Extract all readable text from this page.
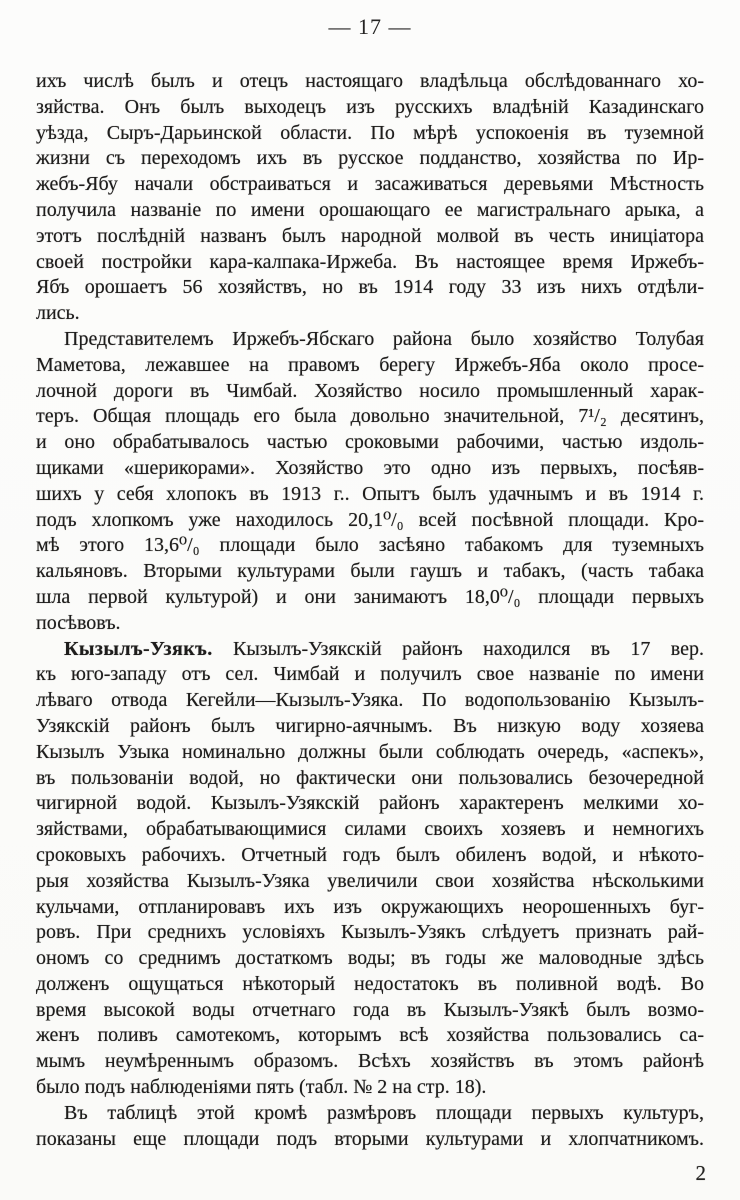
— 17 —
ихъ числѣ былъ и отецъ настоящаго владѣльца обслѣдованнаго хо-
зяйства. Онъ былъ выходецъ изъ русскихъ владѣній Казадинскаго
уѣзда, Сыръ-Дарьинской области. По мѣрѣ успокоенія въ туземной
жизни съ переходомъ ихъ въ русское подданство, хозяйства по Ир-
жебъ-Ябу начали обстраиваться и засаживаться деревьями Мѣстность
получила названіе по имени орошающаго ее магистральнаго арыка, а
этотъ послѣдній названъ былъ народной молвой въ честь иниціатора
своей постройки кара-калпака-Иржеба. Въ настоящее время Иржебъ-
Ябъ орошаетъ 56 хозяйствъ, но въ 1914 году 33 изъ нихъ отдѣли-
лись.
Представителемъ Иржебъ-Ябскаго района было хозяйство Толубая
Маметова, лежавшее на правомъ берегу Иржебъ-Яба около просе-
лочной дороги въ Чимбай. Хозяйство носило промышленный харак-
теръ. Общая площадь его была довольно значительной, 7¹/₂ десятинъ,
и оно обрабатывалось частью сроковыми рабочими, частью издоль-
щиками «шерикорами». Хозяйство это одно изъ первыхъ, посѣяв-
шихъ у себя хлопокъ въ 1913 г.. Опытъ былъ удачнымъ и въ 1914 г.
подъ хлопкомъ уже находилось 20,1⁰/₀ всей посѣвной площади. Кро-
мѣ этого 13,6⁰/₀ площади было засѣяно табакомъ для туземныхъ
кальяновъ. Вторыми культурами были гаушъ и табакъ, (часть табака
шла первой культурой) и они занимаютъ 18,0⁰/₀ площади первыхъ
посѣвовъ.
Кызылъ-Узякъ. Кызылъ-Узякскій районъ находился въ 17 вер.
къ юго-западу отъ сел. Чимбай и получилъ свое названіе по имени
лѣваго отвода Кегейли—Кызылъ-Узяка. По водопользованію Кызылъ-
Узякскій районъ былъ чигирно-аячнымъ. Въ низкую воду хозяева
Кызылъ Узыка номинально должны были соблюдать очередь, «аспекъ»,
въ пользованіи водой, но фактически они пользовались безочередной
чигирной водой. Кызылъ-Узякскій районъ характеренъ мелкими хо-
зяйствами, обрабатывающимися силами своихъ хозяевъ и немногихъ
сроковыхъ рабочихъ. Отчетный годъ былъ обиленъ водой, и нѣкото-
рыя хозяйства Кызылъ-Узяка увеличили свои хозяйства нѣсколькими
кульчами, отпланировавъ ихъ изъ окружающихъ неорошенныхъ буг-
ровъ. При среднихъ условіяхъ Кызылъ-Узякъ слѣдуетъ признать рай-
ономъ со среднимъ достаткомъ воды; въ годы же маловодные здѣсь
долженъ ощущаться нѣкоторый недостатокъ въ поливной водѣ. Во
время высокой воды отчетнаго года въ Кызылъ-Узякѣ былъ возмо-
женъ поливъ самотекомъ, которымъ всѣ хозяйства пользовались са-
мымъ неумѣреннымъ образомъ. Всѣхъ хозяйствъ въ этомъ районѣ
было подъ наблюденіями пять (табл. № 2 на стр. 18).
Въ таблицѣ этой кромѣ размѣровъ площади первыхъ культуръ,
показаны еще площади подъ вторыми культурами и хлопчатникомъ.
2
